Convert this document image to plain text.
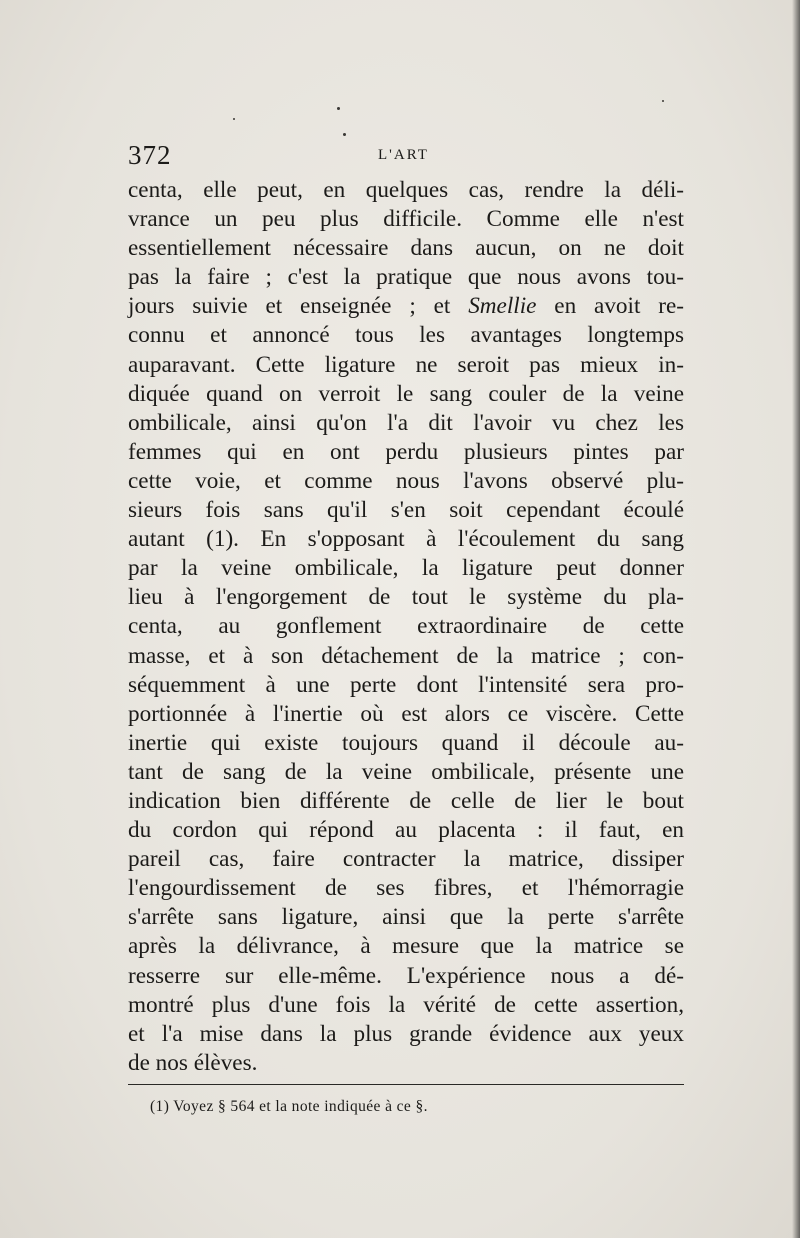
372	L'ART
centa, elle peut, en quelques cas, rendre la déli-
vrance un peu plus difficile. Comme elle n'est
essentiellement nécessaire dans aucun, on ne doit
pas la faire ; c'est la pratique que nous avons tou-
jours suivie et enseignée ; et Smellie en avoit re-
connu et annoncé tous les avantages longtemps
auparavant. Cette ligature ne seroit pas mieux in-
diquée quand on verroit le sang couler de la veine
ombilicale, ainsi qu'on l'a dit l'avoir vu chez les
femmes qui en ont perdu plusieurs pintes par
cette voie, et comme nous l'avons observé plu-
sieurs fois sans qu'il s'en soit cependant écoulé
autant (1). En s'opposant à l'écoulement du sang
par la veine ombilicale, la ligature peut donner
lieu à l'engorgement de tout le système du pla-
centa, au gonflement extraordinaire de cette
masse, et à son détachement de la matrice ; con-
séquemment à une perte dont l'intensité sera pro-
portionnée à l'inertie où est alors ce viscère. Cette
inertie qui existe toujours quand il découle au-
tant de sang de la veine ombilicale, présente une
indication bien différente de celle de lier le bout
du cordon qui répond au placenta : il faut, en
pareil cas, faire contracter la matrice, dissiper
l'engourdissement de ses fibres, et l'hémorragie
s'arrête sans ligature, ainsi que la perte s'arrête
après la délivrance, à mesure que la matrice se
resserre sur elle-même. L'expérience nous a dé-
montré plus d'une fois la vérité de cette assertion,
et l'a mise dans la plus grande évidence aux yeux
de nos élèves.
(1) Voyez § 564 et la note indiquée à ce §.
